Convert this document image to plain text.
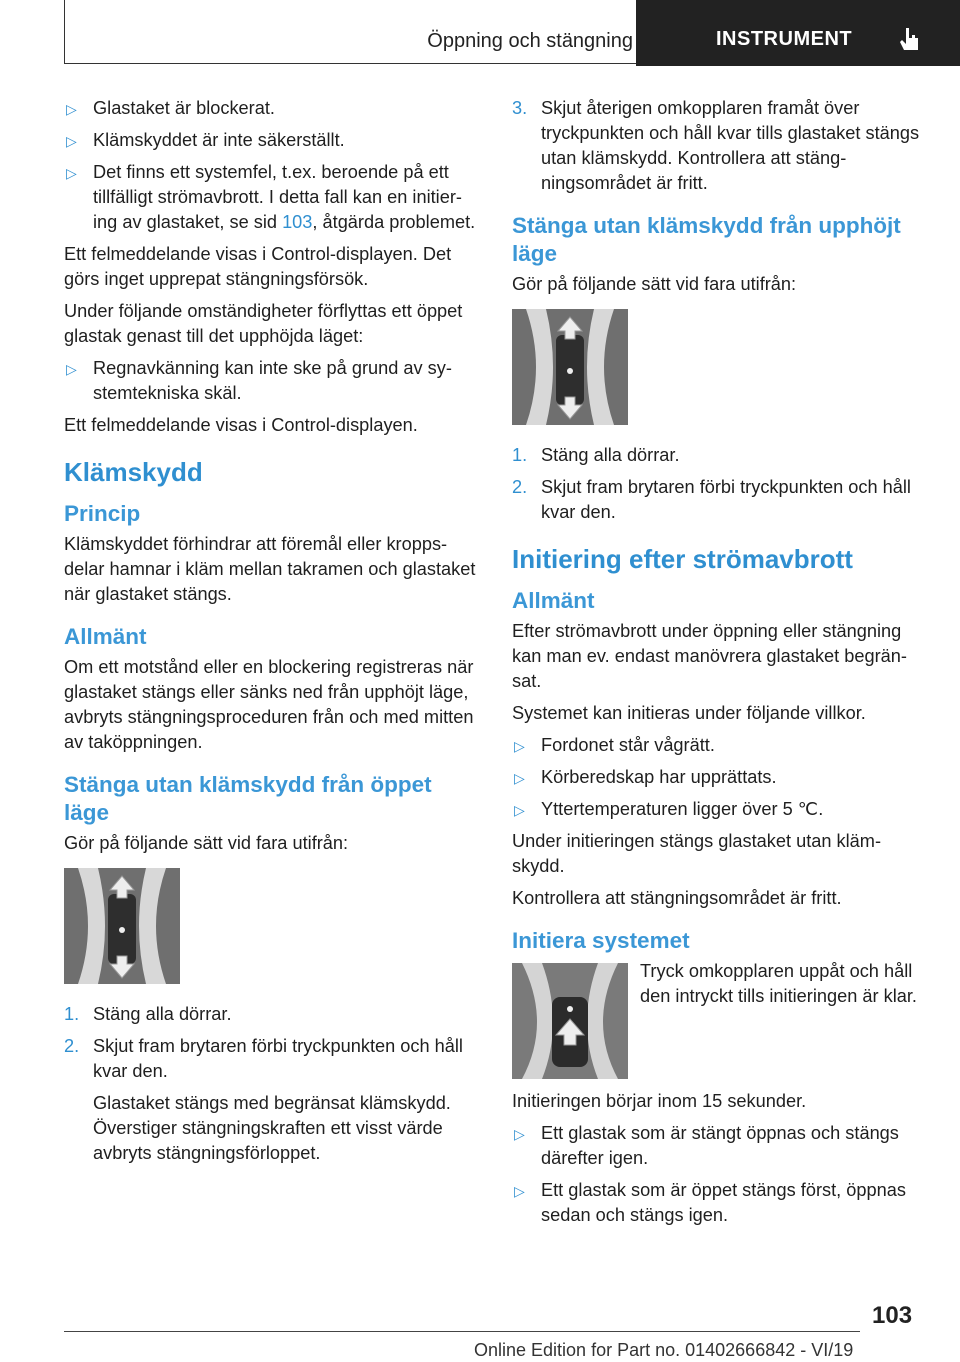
Öppning och stängning	INSTRUMENT
▷ Glastaket är blockerat.
▷ Klämskyddet är inte säkerställt.
▷ Det finns ett systemfel, t.ex. beroende på ett tillfälligt strömavbrott. I detta fall kan en initiering av glastaket, se sid 103, åtgärda problemet.

Ett felmeddelande visas i Control-displayen. Det görs inget upprepat stängningsförsök.

Under följande omständigheter förflyttas ett öppet glastak genast till det upphöjda läget:

▷ Regnavkänning kan inte ske på grund av systemtekniska skäl.

Ett felmeddelande visas i Control-displayen.

Klämskydd
Princip

Klämskyddet förhindrar att föremål eller kroppsdelar hamnar i kläm mellan takramen och glastaket när glastaket stängs.

Allmänt

Om ett motstånd eller en blockering registreras när glastaket stängs eller sänks ned från upphöjt läge, avbryts stängningsproceduren från och med mitten av taköppningen.

Stänga utan klämskydd från öppet läge

Gör på följande sätt vid fara utifrån:

1. Stäng alla dörrar.
2. Skjut fram brytaren förbi tryckpunkten och håll kvar den.

Glastaket stängs med begränsat klämskydd. Överstiger stängningskraften ett visst värde avbryts stängningsförloppet.

3. Skjut återigen omkopplaren framåt över tryckpunkten och håll kvar tills glastaket stängs utan klämskydd. Kontrollera att stängningsområdet är fritt.
Stänga utan klämskydd från upphöjt läge

Gör på följande sätt vid fara utifrån:

1. Stäng alla dörrar.
2. Skjut fram brytaren förbi tryckpunkten och håll kvar den.
Initiering efter strömavbrott
Allmänt

Efter strömavbrott under öppning eller stängning kan man ev. endast manövrera glastaket begränsat.

Systemet kan initieras under följande villkor.

▷ Fordonet står vågrätt.
▷ Körberedskap har upprättats.
▷ Yttertemperaturen ligger över 5 ℃.

Under initieringen stängs glastaket utan klämskydd.

Kontrollera att stängningsområdet är fritt.

Initiera systemet

Tryck omkopplaren uppåt och håll den intryckt tills initieringen är klar.

Initieringen börjar inom 15 sekunder.

▷ Ett glastak som är stängt öppnas och stängs därefter igen.
▷ Ett glastak som är öppet stängs först, öppnas sedan och stängs igen.
103
Online Edition for Part no. 01402666842 - VI/19
